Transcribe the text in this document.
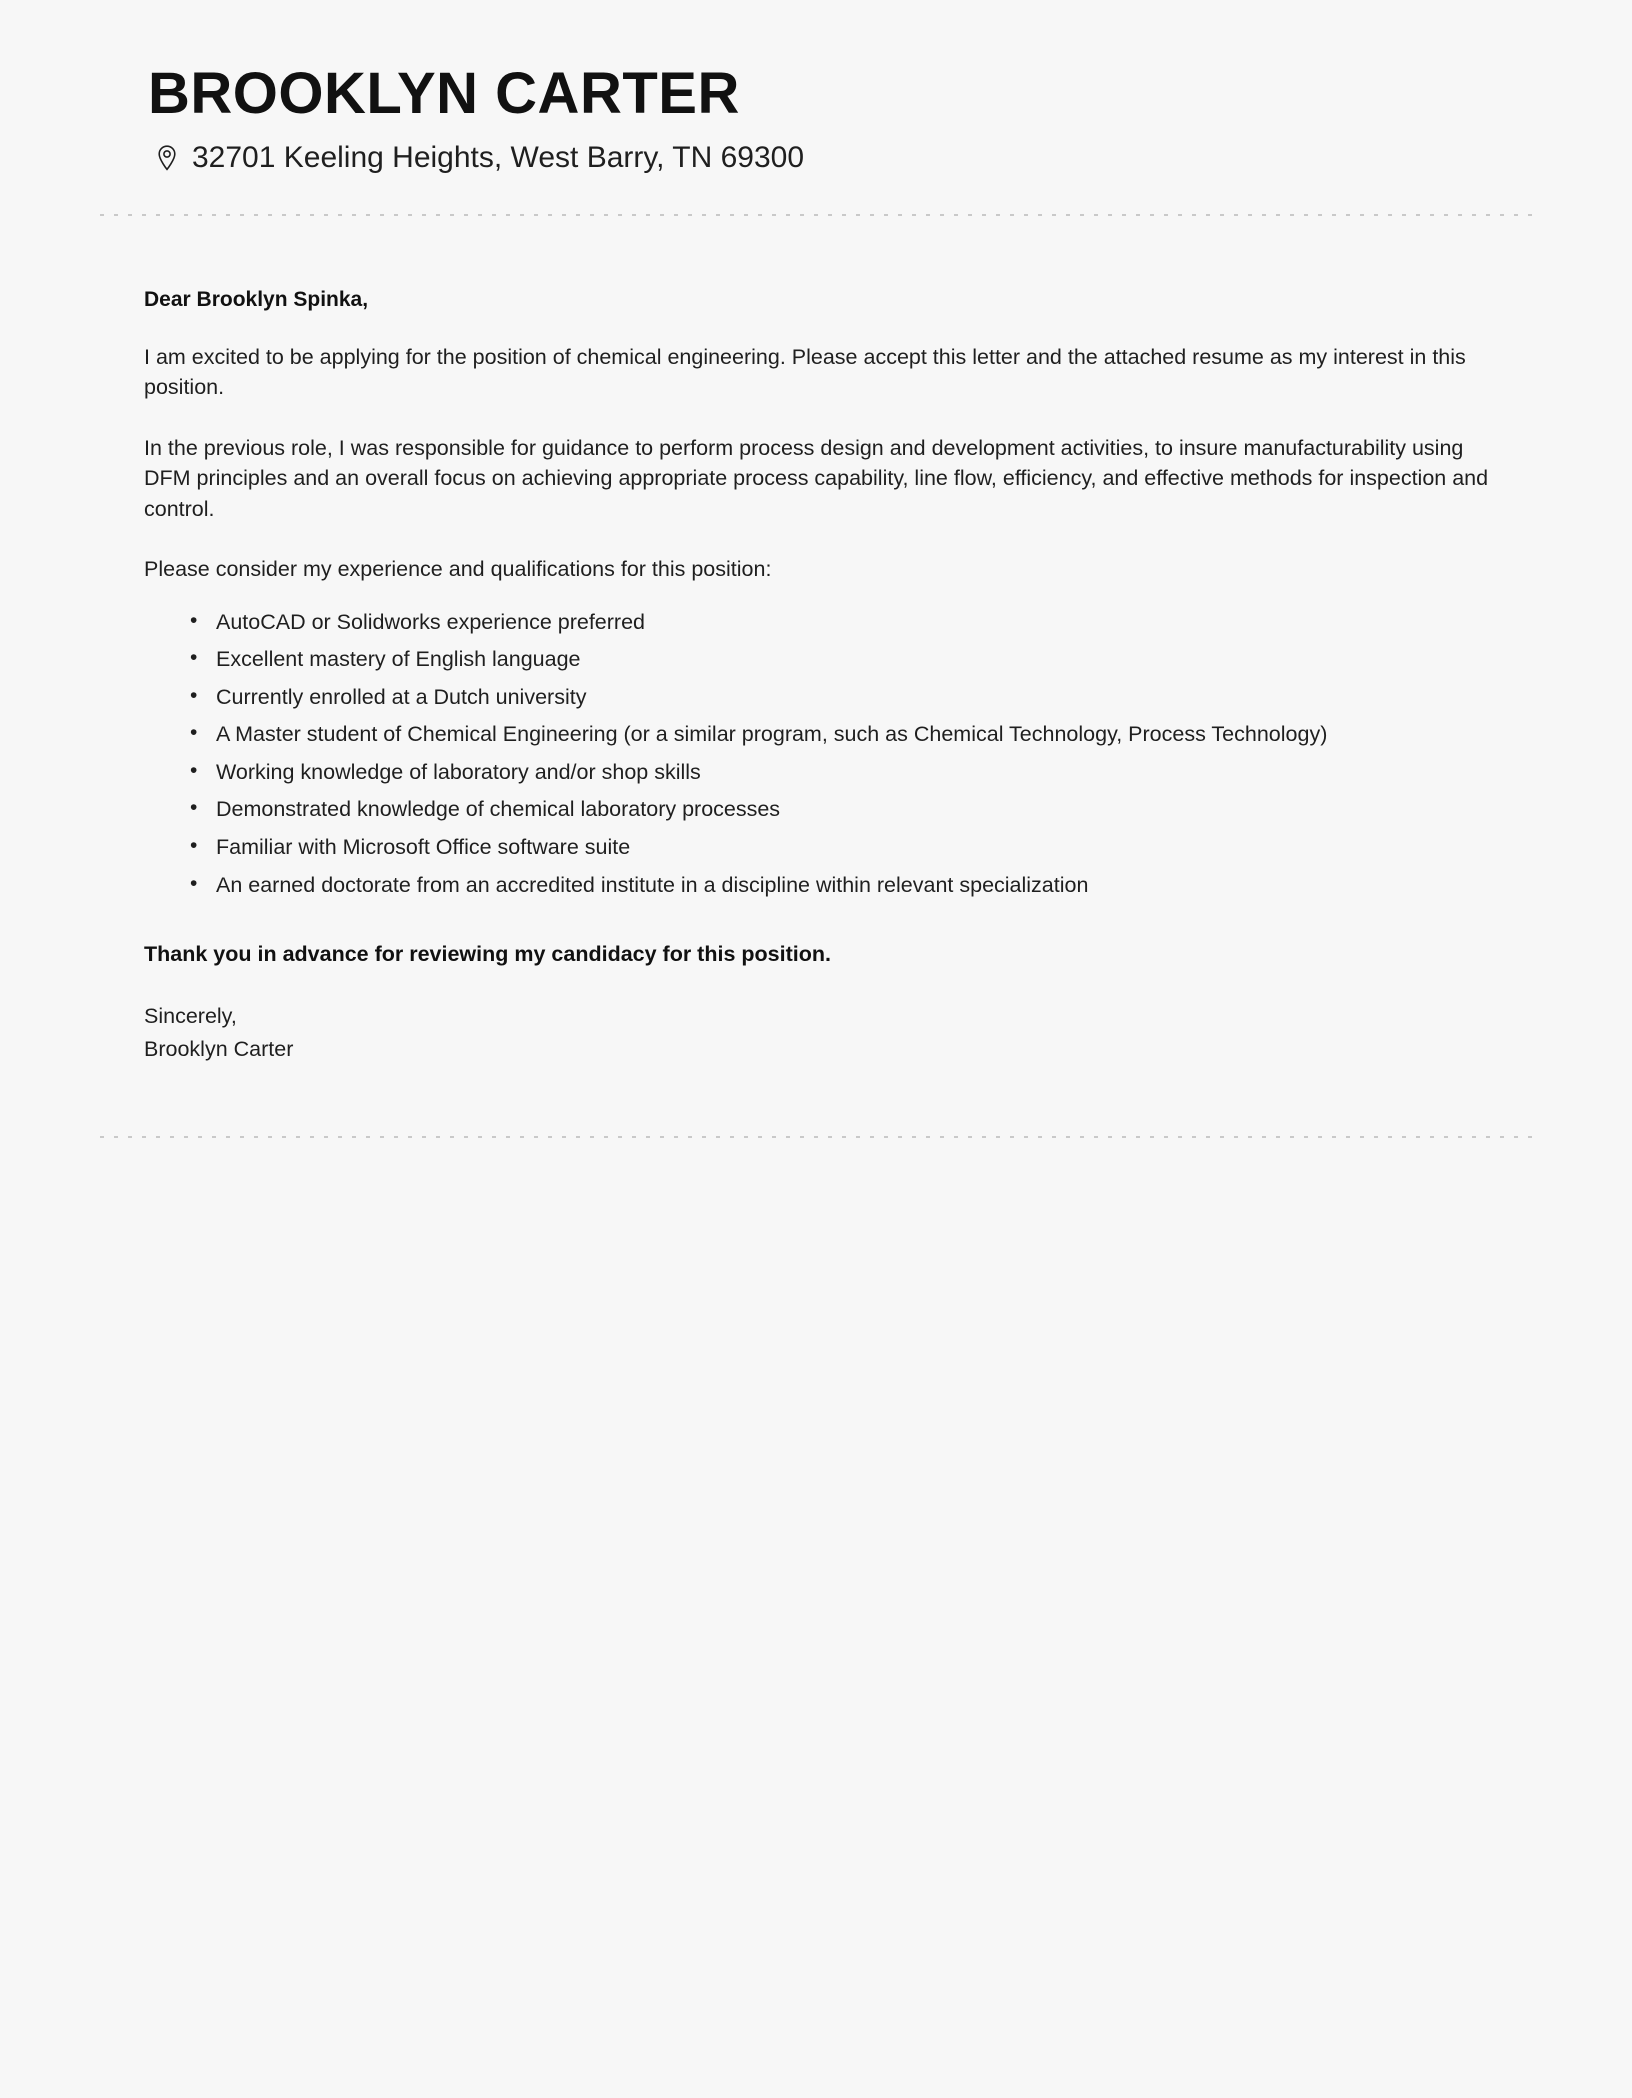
BROOKLYN CARTER
32701 Keeling Heights, West Barry, TN 69300
Dear Brooklyn Spinka,

I am excited to be applying for the position of chemical engineering. Please accept this letter and the attached resume as my interest in this position.

In the previous role, I was responsible for guidance to perform process design and development activities, to insure manufacturability using DFM principles and an overall focus on achieving appropriate process capability, line flow, efficiency, and effective methods for inspection and control.

Please consider my experience and qualifications for this position:

• AutoCAD or Solidworks experience preferred
• Excellent mastery of English language
• Currently enrolled at a Dutch university
• A Master student of Chemical Engineering (or a similar program, such as Chemical Technology, Process Technology)
• Working knowledge of laboratory and/or shop skills
• Demonstrated knowledge of chemical laboratory processes
• Familiar with Microsoft Office software suite
• An earned doctorate from an accredited institute in a discipline within relevant specialization
Thank you in advance for reviewing my candidacy for this position.
Sincerely,
Brooklyn Carter
